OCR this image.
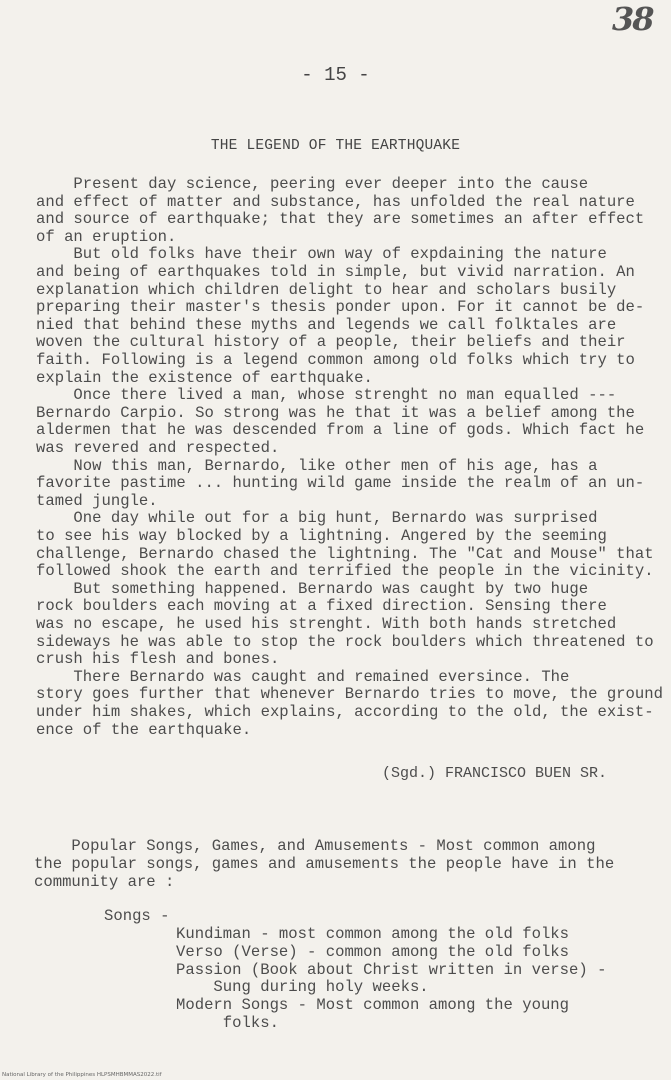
38
- 15 -
THE LEGEND OF THE EARTHQUAKE
Present day science, peering ever deeper into the cause
and effect of matter and substance, has unfolded the real nature
and source of earthquake; that they are sometimes an after effect
of an eruption.
But old folks have their own way of expdaining the nature
and being of earthquakes told in simple, but vivid narration. An
explanation which children delight to hear and scholars busily
preparing their master's thesis ponder upon. For it cannot be de-
nied that behind these myths and legends we call folktales are
woven the cultural history of a people, their beliefs and their
faith. Following is a legend common among old folks which try to
explain the existence of earthquake.
Once there lived a man, whose strenght no man equalled ---
Bernardo Carpio. So strong was he that it was a belief among the
aldermen that he was descended from a line of gods. Which fact he
was revered and respected.
Now this man, Bernardo, like other men of his age, has a
favorite pastime ... hunting wild game inside the realm of an un-
tamed jungle.
One day while out for a big hunt, Bernardo was surprised
to see his way blocked by a lightning. Angered by the seeming
challenge, Bernardo chased the lightning. The "Cat and Mouse" that
followed shook the earth and terrified the people in the vicinity.
But something happened. Bernardo was caught by two huge
rock boulders each moving at a fixed direction. Sensing there
was no escape, he used his strenght. With both hands stretched
sideways he was able to stop the rock boulders which threatened to
crush his flesh and bones.
There Bernardo was caught and remained eversince. The
story goes further that whenever Bernardo tries to move, the ground
under him shakes, which explains, according to the old, the exist-
ence of the earthquake.
(Sgd.) FRANCISCO BUEN SR.
Popular Songs, Games, and Amusements - Most common among
the popular songs, games and amusements the people have in the
community are :
Songs -
Kundiman - most common among the old folks
Verso (Verse) - common among the old folks
Passion (Book about Christ written in verse) -
Sung during holy weeks.
Modern Songs - Most common among the young
folks.
National Library of the Philippines HLPSMHBMMAS2022.tif
